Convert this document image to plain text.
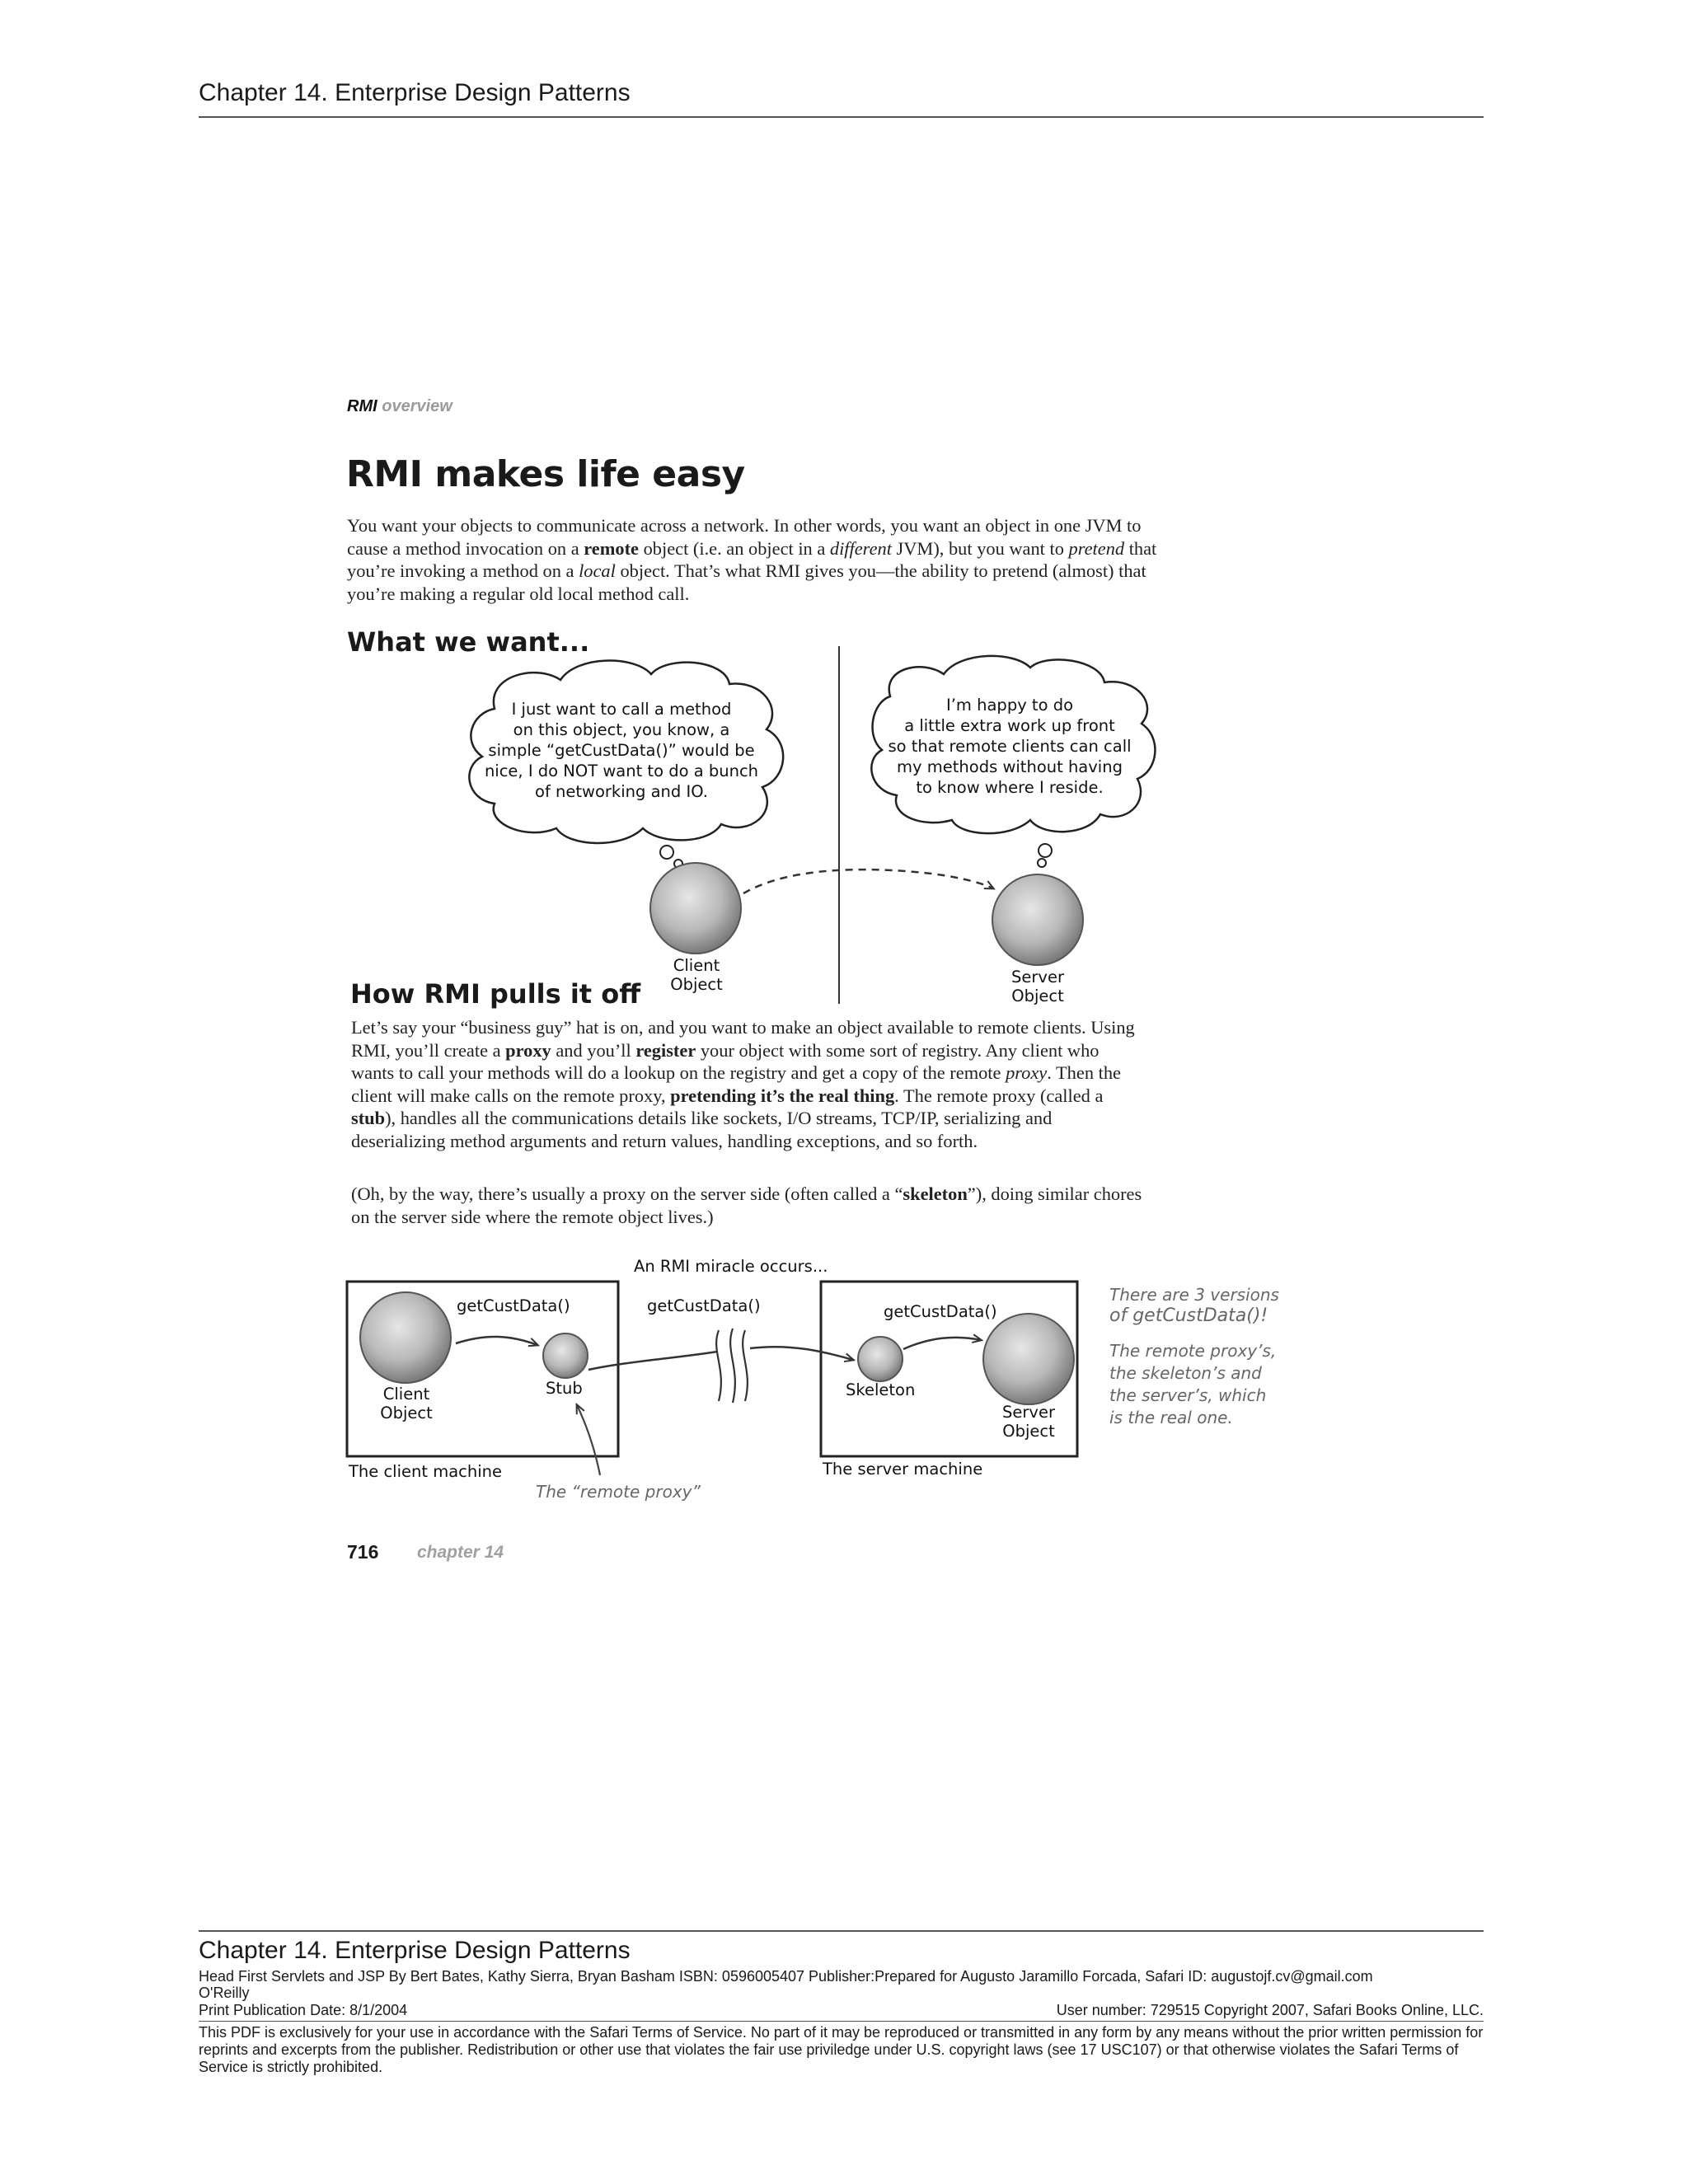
Chapter 14. Enterprise Design Patterns
RMI overview
RMI makes life easy
You want your objects to communicate across a network. In other words, you want an object in one JVM to cause a method invocation on a remote object (i.e. an object in a different JVM), but you want to pretend that you’re invoking a method on a local object. That’s what RMI gives you—the ability to pretend (almost) that you’re making a regular old local method call.
What we want...
I just want to call a method
on this object, you know, a
simple “getCustData()” would be
nice, I do NOT want to do a bunch
of networking and IO.
I’m happy to do
a little extra work up front
so that remote clients can call
my methods without having
to know where I reside.
Client
Object	Server
Object
How RMI pulls it off
Let’s say your “business guy” hat is on, and you want to make an object available to remote clients. Using RMI, you’ll create a proxy and you’ll register your object with some sort of registry. Any client who wants to call your methods will do a lookup on the registry and get a copy of the remote proxy. Then the client will make calls on the remote proxy, pretending it’s the real thing. The remote proxy (called a stub), handles all the communications details like sockets, I/O streams, TCP/IP, serializing and deserializing method arguments and return values, handling exceptions, and so forth.
(Oh, by the way, there’s usually a proxy on the server side (often called a “skeleton”), doing similar chores on the server side where the remote object lives.)
An RMI miracle occurs...
getCustData()	getCustData()	getCustData()
Client
Object
Stub	Skeleton
Server
Object
The client machine	The server machine
The “remote proxy”
There are 3 versions
of getCustData()!
The remote proxy’s,
the skeleton’s and
the server’s, which
is the real one.
716 chapter 14
Chapter 14. Enterprise Design Patterns
Head First Servlets and JSP By Bert Bates, Kathy Sierra, Bryan Basham ISBN: 0596005407 Publisher:Prepared for Augusto Jaramillo Forcada, Safari ID: augustojf.cv@gmail.com
O'Reilly
Print Publication Date: 8/1/2004	User number: 729515 Copyright 2007, Safari Books Online, LLC.
This PDF is exclusively for your use in accordance with the Safari Terms of Service. No part of it may be reproduced or transmitted in any form by any means without the prior written permission for reprints and excerpts from the publisher. Redistribution or other use that violates the fair use priviledge under U.S. copyright laws (see 17 USC107) or that otherwise violates the Safari Terms of Service is strictly prohibited.
